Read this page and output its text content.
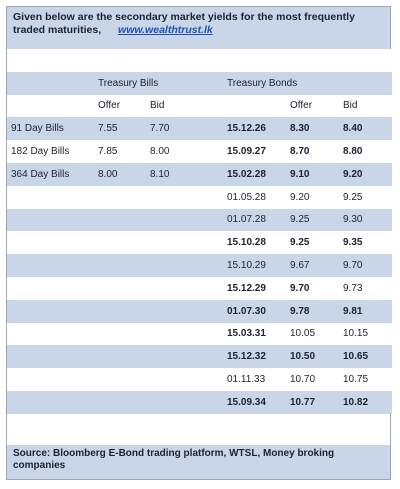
Given below are the secondary market yields for the most frequently traded maturities, www.wealthtrust.lk

	Treasury Bills		Treasury Bonds		
	Offer	Bid		Offer	Bid
91 Day Bills	7.55	7.70	15.12.26	8.30	8.40
182 Day Bills	7.85	8.00	15.09.27	8.70	8.80
364 Day Bills	8.00	8.10	15.02.28	9.10	9.20
			01.05.28	9.20	9.25
			01.07.28	9.25	9.30
			15.10.28	9.25	9.35
			15.10.29	9.67	9.70
			15.12.29	9.70	9.73
			01.07.30	9.78	9.81
			15.03.31	10.05	10.15
			15.12.32	10.50	10.65
			01.11.33	10.70	10.75
			15.09.34	10.77	10.82
Source: Bloomberg E-Bond trading platform, WTSL, Money broking companies
